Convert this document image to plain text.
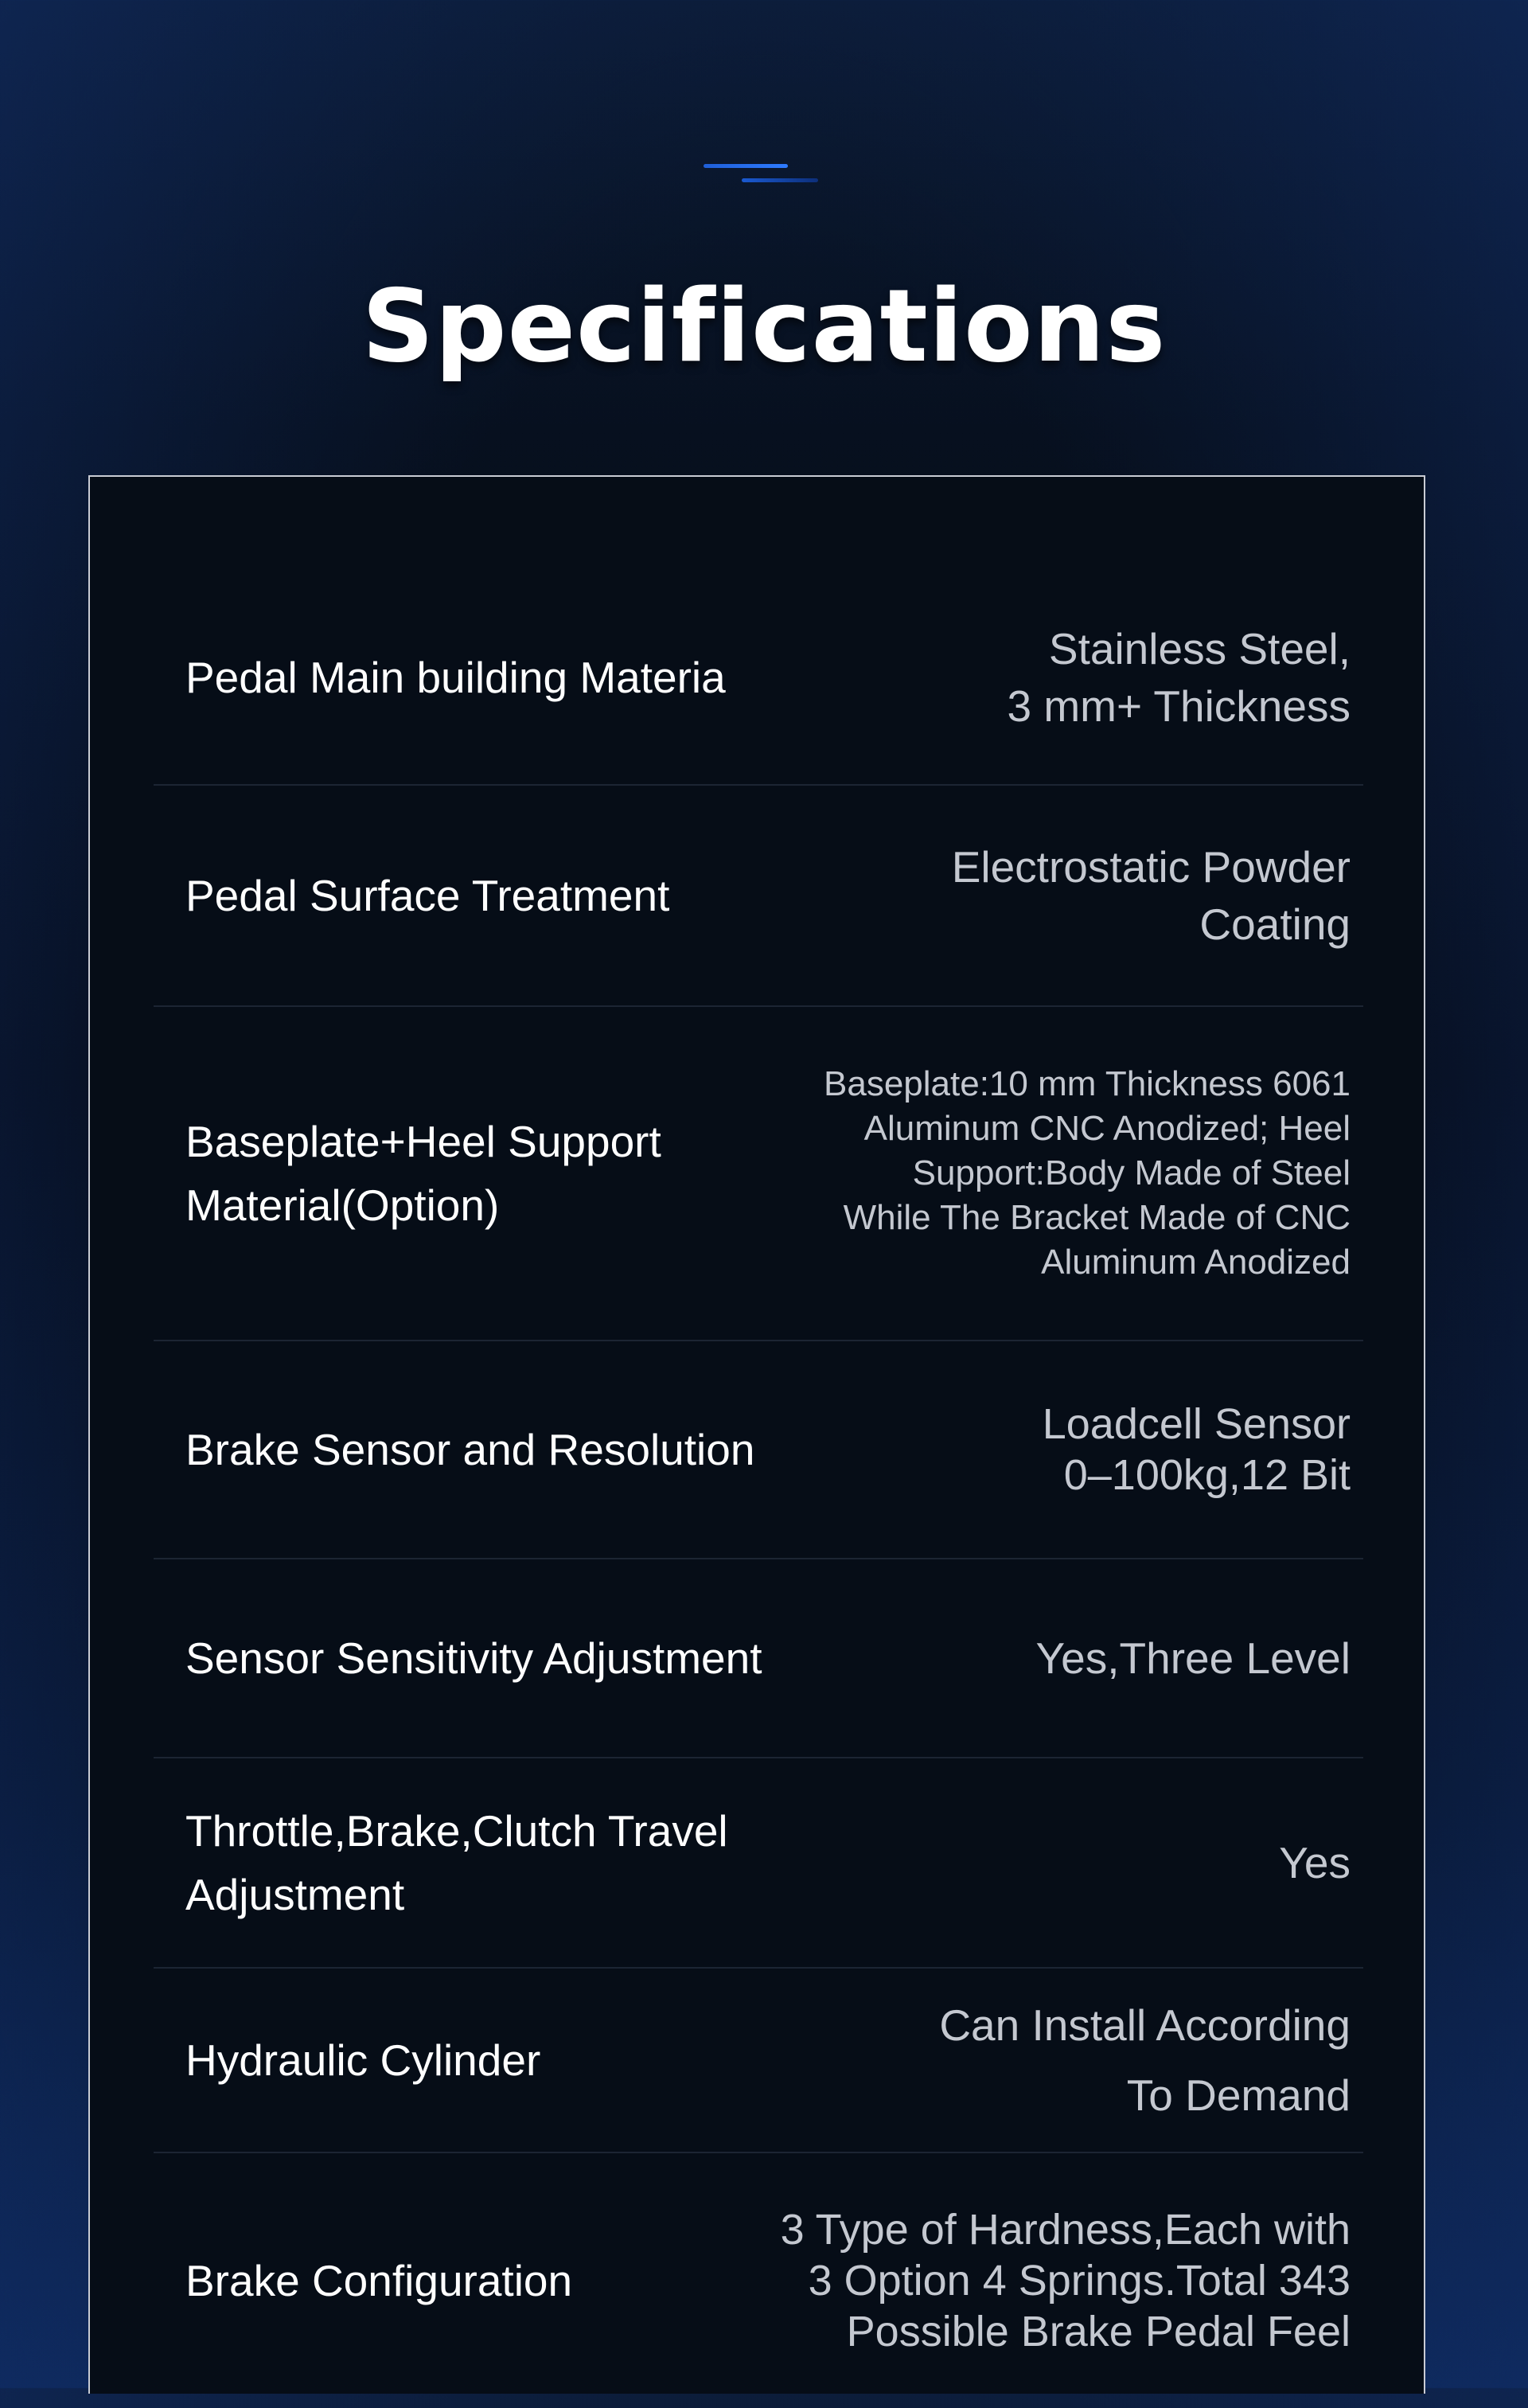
Specifications
Pedal Main building Materia
Stainless Steel,
3 mm+ Thickness
Pedal Surface Treatment
Electrostatic Powder
Coating
Baseplate+Heel Support
Material(Option)
Baseplate:10 mm Thickness 6061
Aluminum CNC Anodized; Heel
Support:Body Made of Steel
While The Bracket Made of CNC
Aluminum Anodized
Brake Sensor and Resolution
Loadcell Sensor
0–100kg,12 Bit
Sensor Sensitivity Adjustment	Yes,Three Level
Throttle,Brake,Clutch Travel
Adjustment
Yes
Hydraulic Cylinder
Can Install According
To Demand
Brake Configuration
3 Type of Hardness,Each with
3 Option 4 Springs.Total 343
Possible Brake Pedal Feel
